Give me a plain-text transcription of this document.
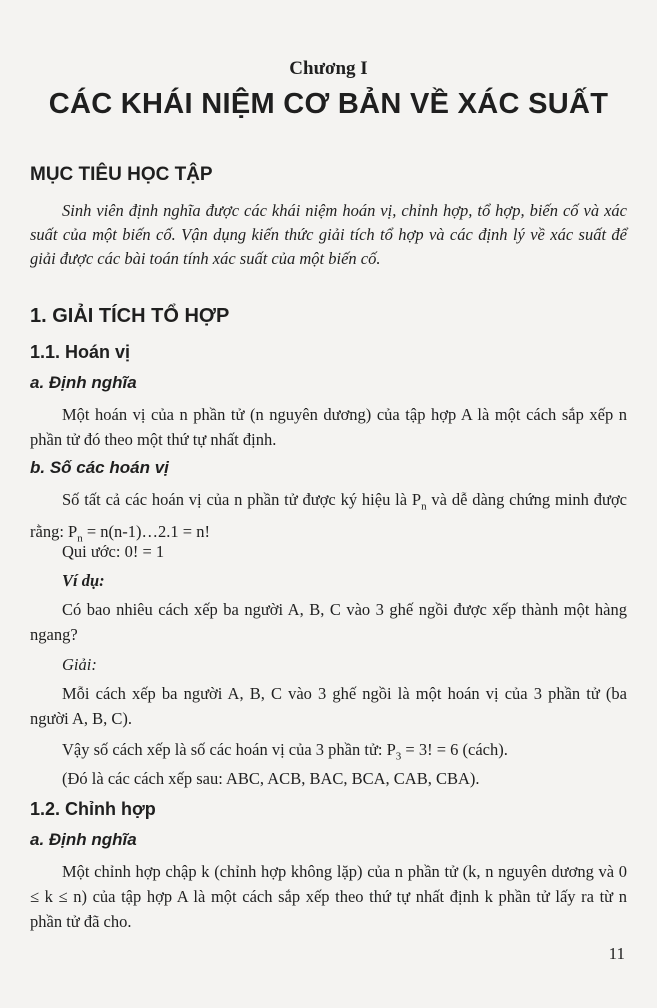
Chương I
CÁC KHÁI NIỆM CƠ BẢN VỀ XÁC SUẤT
MỤC TIÊU HỌC TẬP

Sinh viên định nghĩa được các khái niệm hoán vị, chỉnh hợp, tổ hợp, biến cố và xác suất của một biến cố. Vận dụng kiến thức giải tích tổ hợp và các định lý về xác suất để giải được các bài toán tính xác suất của một biến cố.

1. GIẢI TÍCH TỔ HỢP
1.1. Hoán vị
a. Định nghĩa

Một hoán vị của n phần tử (n nguyên dương) của tập hợp A là một cách sắp xếp n phần tử đó theo một thứ tự nhất định.

b. Số các hoán vị

Số tất cả các hoán vị của n phần tử được ký hiệu là $P_n$ và dễ dàng chứng minh được rằng: $P_n$ = n(n-1)…2.1 = n!

Qui ước: 0! = 1
Ví dụ:

Có bao nhiêu cách xếp ba người A, B, C vào 3 ghế ngồi được xếp thành một hàng ngang?

Giải:

Mỗi cách xếp ba người A, B, C vào 3 ghế ngồi là một hoán vị của 3 phần tử (ba người A, B, C).

Vậy số cách xếp là số các hoán vị của 3 phần tử: $P_3 = 3$! = 6 (cách).
(Đó là các cách xếp sau: ABC, ACB, BAC, BCA, CAB, CBA).
1.2. Chỉnh hợp
a. Định nghĩa

Một chỉnh hợp chập k (chỉnh hợp không lặp) của n phần tử (k, n nguyên dương và 0 ≤ k ≤ n) của tập hợp A là một cách sắp xếp theo thứ tự nhất định k phần tử lấy ra từ n phần tử đã cho.

11
